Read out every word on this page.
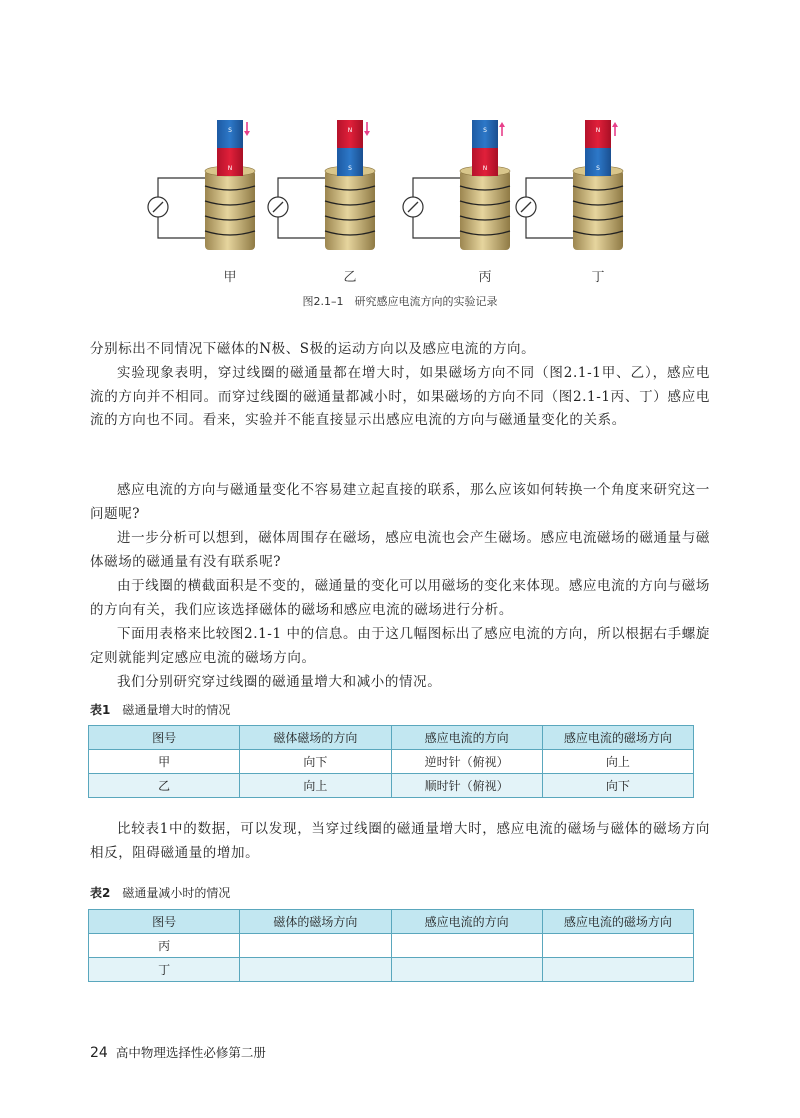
S
N
N
S
S
N
N
S
甲	乙	丙	丁
图2.1–1　研究感应电流方向的实验记录

分别标出不同情况下磁体的N极、S极的运动方向以及感应电流的方向。

实验现象表明，穿过线圈的磁通量都在增大时，如果磁场方向不同（图2.1-1甲、乙），感应电流的方向并不相同。而穿过线圈的磁通量都减小时，如果磁场的方向不同（图2.1-1丙、丁）感应电流的方向也不同。看来，实验并不能直接显示出感应电流的方向与磁通量变化的关系。

感应电流的方向与磁通量变化不容易建立起直接的联系，那么应该如何转换一个角度来研究这一问题呢?

进一步分析可以想到，磁体周围存在磁场，感应电流也会产生磁场。感应电流磁场的磁通量与磁体磁场的磁通量有没有联系呢?

由于线圈的横截面积是不变的，磁通量的变化可以用磁场的变化来体现。感应电流的方向与磁场的方向有关，我们应该选择磁体的磁场和感应电流的磁场进行分析。

下面用表格来比较图2.1-1 中的信息。由于这几幅图标出了感应电流的方向，所以根据右手螺旋定则就能判定感应电流的磁场方向。

我们分别研究穿过线圈的磁通量增大和减小的情况。

表1 磁通量增大时的情况
图号	磁体磁场的方向	感应电流的方向	感应电流的磁场方向
甲	向下	逆时针（俯视）	向上
乙	向上	顺时针（俯视）	向下

比较表1中的数据，可以发现，当穿过线圈的磁通量增大时，感应电流的磁场与磁体的磁场方向相反，阻碍磁通量的增加。

表2 磁通量减小时的情况
图号	磁体的磁场方向	感应电流的方向	感应电流的磁场方向
丙			
丁			
24 高中物理选择性必修第二册
